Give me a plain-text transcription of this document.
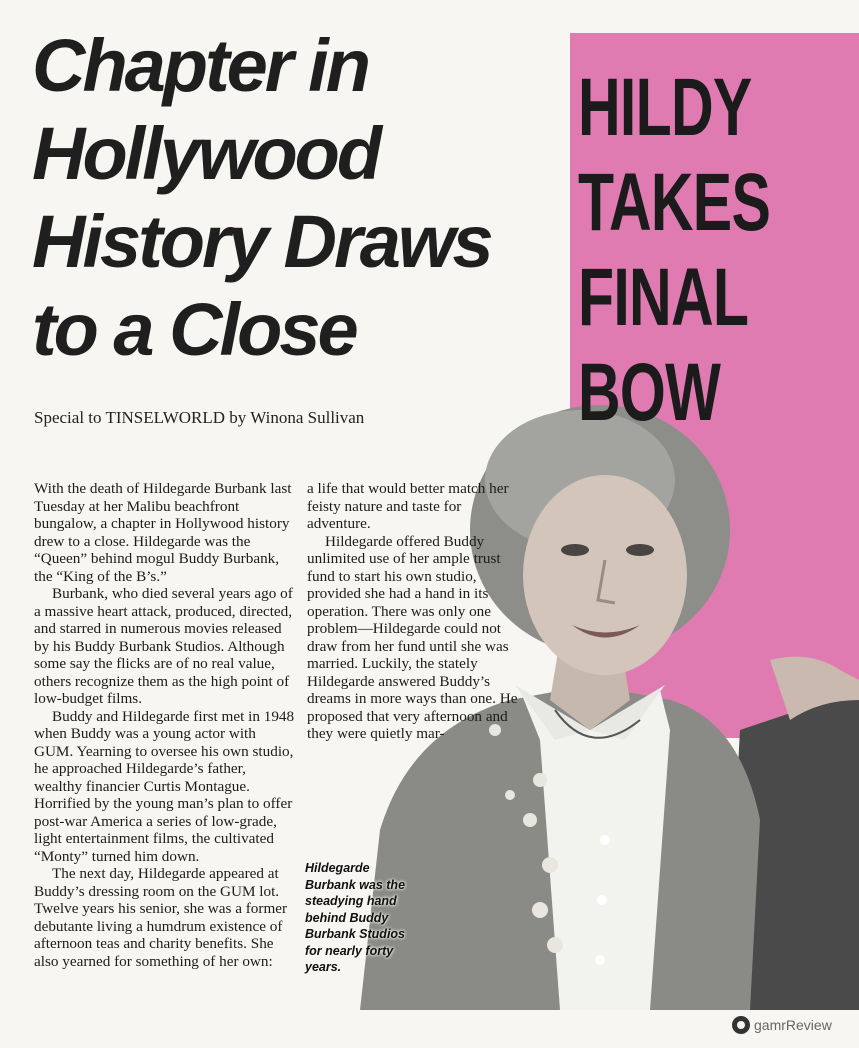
Chapter in
Hollywood
History Draws
to a Close
Special to TINSELWORLD by Winona Sullivan
HILDY
TAKES
FINAL
BOW

With the death of Hildegarde Burbank last Tuesday at her Malibu beachfront bungalow, a chapter in Hollywood history drew to a close. Hildegarde was the “Queen” behind mogul Buddy Burbank, the “King of the B’s.”

Burbank, who died several years ago of a massive heart attack, produced, directed, and starred in numerous movies released by his Buddy Burbank Studios. Although some say the flicks are of no real value, others recognize them as the high point of low-budget films.

Buddy and Hildegarde first met in 1948 when Buddy was a young actor with GUM. Yearning to oversee his own studio, he approached Hildegarde’s father, wealthy financier Curtis Montague. Horrified by the young man’s plan to offer post-war America a series of low-grade, light entertainment films, the cultivated “Monty” turned him down.

The next day, Hildegarde appeared at Buddy’s dressing room on the GUM lot. Twelve years his senior, she was a former debutante living a humdrum existence of afternoon teas and charity benefits. She also yearned for something of her own:

a life that would better match her feisty nature and taste for adventure.

Hildegarde offered Buddy unlimited use of her ample trust fund to start his own studio, provided she had a hand in its operation. There was only one problem—Hildegarde could not draw from her fund until she was married. Luckily, the stately Hildegarde answered Buddy’s dreams in more ways than one. He proposed that very afternoon and they were quietly mar-

Hildegarde Burbank was the steadying hand behind Buddy Burbank Studios for nearly forty years.
gamrReview
